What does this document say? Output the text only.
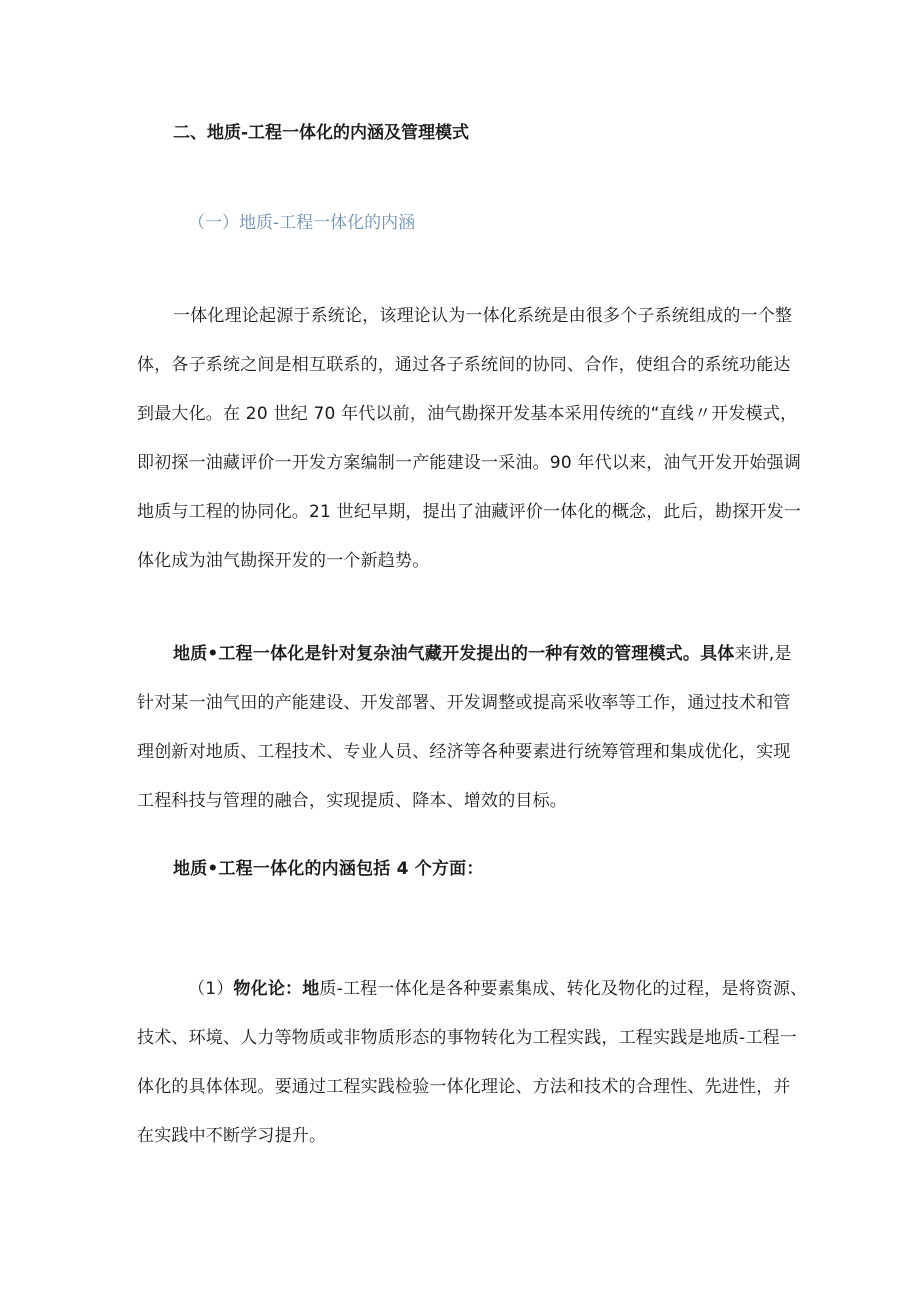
二、地质-工程一体化的内涵及管理模式
（一）地质-工程一体化的内涵
一体化理论起源于系统论，该理论认为一体化系统是由很多个子系统组成的一个整
体，各子系统之间是相互联系的，通过各子系统间的协同、合作，使组合的系统功能达
到最大化。在 20 世纪 70 年代以前，油气勘探开发基本采用传统的“直线〃开发模式，
即初探一油藏评价一开发方案编制一产能建设一采油。90 年代以来，油气开发开始强调
地质与工程的协同化。21 世纪早期，提出了油藏评价一体化的概念，此后，勘探开发一
体化成为油气勘探开发的一个新趋势。
地质•工程一体化是针对复杂油气藏开发提出的一种有效的管理模式。具体来讲,是
针对某一油气田的产能建设、开发部署、开发调整或提高采收率等工作，通过技术和管
理创新对地质、工程技术、专业人员、经济等各种要素进行统筹管理和集成优化，实现
工程科技与管理的融合，实现提质、降本、增效的目标。
地质•工程一体化的内涵包括 4 个方面：
（1）物化论：地质-工程一体化是各种要素集成、转化及物化的过程，是将资源、
技术、环境、人力等物质或非物质形态的事物转化为工程实践，工程实践是地质-工程一
体化的具体体现。要通过工程实践检验一体化理论、方法和技术的合理性、先进性，并
在实践中不断学习提升。
